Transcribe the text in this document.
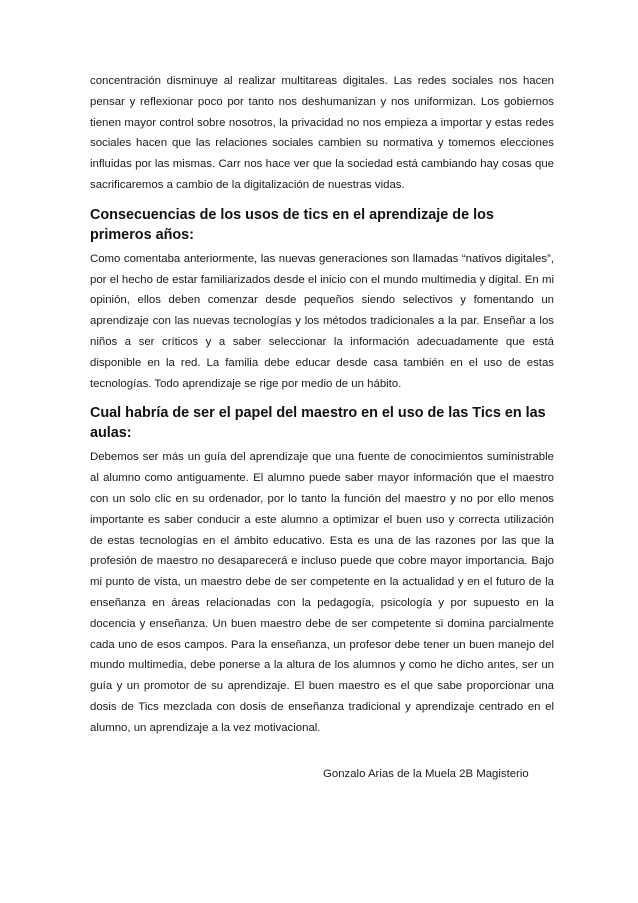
concentración disminuye al realizar multitareas digitales. Las redes sociales nos hacen pensar y reflexionar poco por tanto nos deshumanizan y nos uniformizan. Los gobiernos tienen mayor control sobre nosotros, la privacidad no nos empieza a importar y estas redes sociales hacen que las relaciones sociales cambien su normativa y tomemos elecciones influidas por las mismas. Carr nos hace ver que la sociedad está cambiando hay cosas que sacrificaremos a cambio de la digitalización de nuestras vidas.

Consecuencias de los usos de tics en el aprendizaje de los primeros años:

Como comentaba anteriormente, las nuevas generaciones son llamadas “nativos digitales”, por el hecho de estar familiarizados desde el inicio con el mundo multimedia y digital. En mi opinión, ellos deben comenzar desde pequeños siendo selectivos y fomentando un aprendizaje con las nuevas tecnologías y los métodos tradicionales a la par. Enseñar a los niños a ser críticos y a saber seleccionar la información adecuadamente que está disponible en la red. La familia debe educar desde casa también en el uso de estas tecnologías. Todo aprendizaje se rige por medio de un hábito.

Cual habría de ser el papel del maestro en el uso de las Tics en las aulas:

Debemos ser más un guía del aprendizaje que una fuente de conocimientos suministrable al alumno como antiguamente. El alumno puede saber mayor información que el maestro con un solo clic en su ordenador, por lo tanto la función del maestro y no por ello menos importante es saber conducir a este alumno a optimizar el buen uso y correcta utilización de estas tecnologías en el ámbito educativo. Esta es una de las razones por las que la profesión de maestro no desaparecerá e incluso puede que cobre mayor importancia. Bajo mi punto de vista, un maestro debe de ser competente en la actualidad y en el futuro de la enseñanza en áreas relacionadas con la pedagogía, psicología y por supuesto en la docencia y enseñanza. Un buen maestro debe de ser competente si domina parcialmente cada uno de esos campos. Para la enseñanza, un profesor debe tener un buen manejo del mundo multimedia, debe ponerse a la altura de los alumnos y como he dicho antes, ser un guía y un promotor de su aprendizaje. El buen maestro es el que sabe proporcionar una dosis de Tics mezclada con dosis de enseñanza tradicional y aprendizaje centrado en el alumno, un aprendizaje a la vez motivacional.

Gonzalo Arias de la Muela 2B Magisterio
